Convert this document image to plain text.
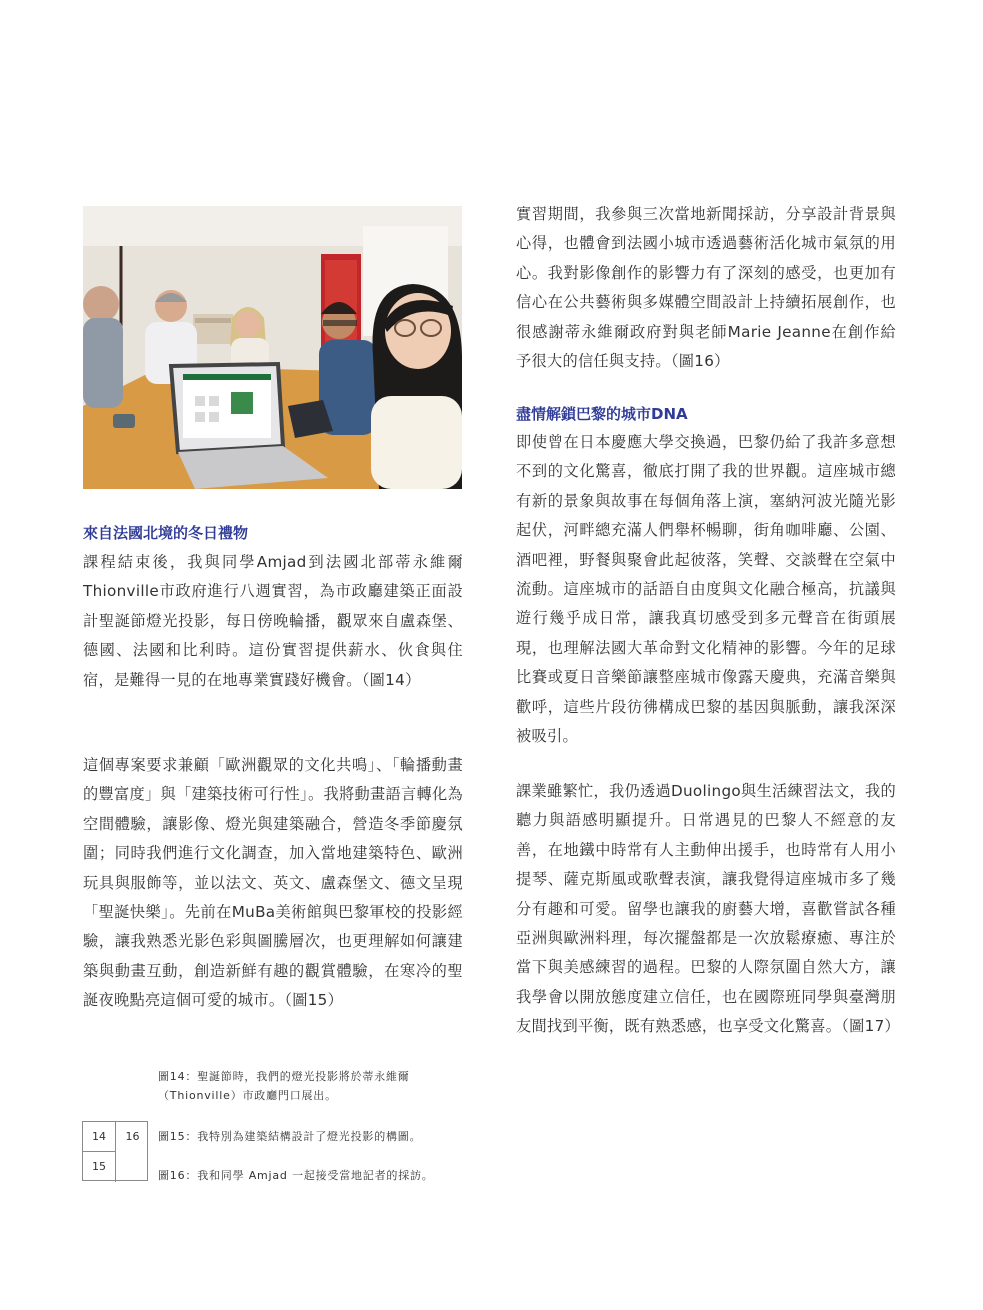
來自法國北境的冬日禮物

課程結束後，我與同學Amjad到法國北部蒂永維爾Thionville市政府進行八週實習，為市政廳建築正面設計聖誕節燈光投影，每日傍晚輪播，觀眾來自盧森堡、德國、法國和比利時。這份實習提供薪水、伙食與住宿，是難得一見的在地專業實踐好機會。（圖14）

這個專案要求兼顧「歐洲觀眾的文化共鳴」、「輪播動畫的豐富度」與「建築技術可行性」。我將動畫語言轉化為空間體驗，讓影像、燈光與建築融合，營造冬季節慶氛圍；同時我們進行文化調查，加入當地建築特色、歐洲玩具與服飾等，並以法文、英文、盧森堡文、德文呈現「聖誕快樂」。先前在MuBa美術館與巴黎軍校的投影經驗，讓我熟悉光影色彩與圖騰層次，也更理解如何讓建築與動畫互動，創造新鮮有趣的觀賞體驗，在寒冷的聖誕夜晚點亮這個可愛的城市。（圖15）

實習期間，我參與三次當地新聞採訪，分享設計背景與心得，也體會到法國小城市透過藝術活化城市氣氛的用心。我對影像創作的影響力有了深刻的感受，也更加有信心在公共藝術與多媒體空間設計上持續拓展創作，也很感謝蒂永維爾政府對與老師Marie Jeanne在創作給予很大的信任與支持。（圖16）

盡情解鎖巴黎的城市DNA

即使曾在日本慶應大學交換過，巴黎仍給了我許多意想不到的文化驚喜，徹底打開了我的世界觀。這座城市總有新的景象與故事在每個角落上演，塞納河波光隨光影起伏，河畔總充滿人們舉杯暢聊，街角咖啡廳、公園、酒吧裡，野餐與聚會此起彼落，笑聲、交談聲在空氣中流動。這座城市的話語自由度與文化融合極高，抗議與遊行幾乎成日常，讓我真切感受到多元聲音在街頭展現，也理解法國大革命對文化精神的影響。今年的足球比賽或夏日音樂節讓整座城市像露天慶典，充滿音樂與歡呼，這些片段彷彿構成巴黎的基因與脈動，讓我深深被吸引。

課業雖繁忙，我仍透過Duolingo與生活練習法文，我的聽力與語感明顯提升。日常遇見的巴黎人不經意的友善，在地鐵中時常有人主動伸出援手，也時常有人用小提琴、薩克斯風或歌聲表演，讓我覺得這座城市多了幾分有趣和可愛。留學也讓我的廚藝大增，喜歡嘗試各種亞洲與歐洲料理，每次擺盤都是一次放鬆療癒、專注於當下與美感練習的過程。巴黎的人際氛圍自然大方，讓我學會以開放態度建立信任，也在國際班同學與臺灣朋友間找到平衡，既有熟悉感，也享受文化驚喜。（圖17）

圖14：聖誕節時，我們的燈光投影將於蒂永維爾（Thionville）市政廳門口展出。

圖15：我特別為建築結構設計了燈光投影的構圖。

圖16：我和同學 Amjad 一起接受當地記者的採訪。

14	16
15
